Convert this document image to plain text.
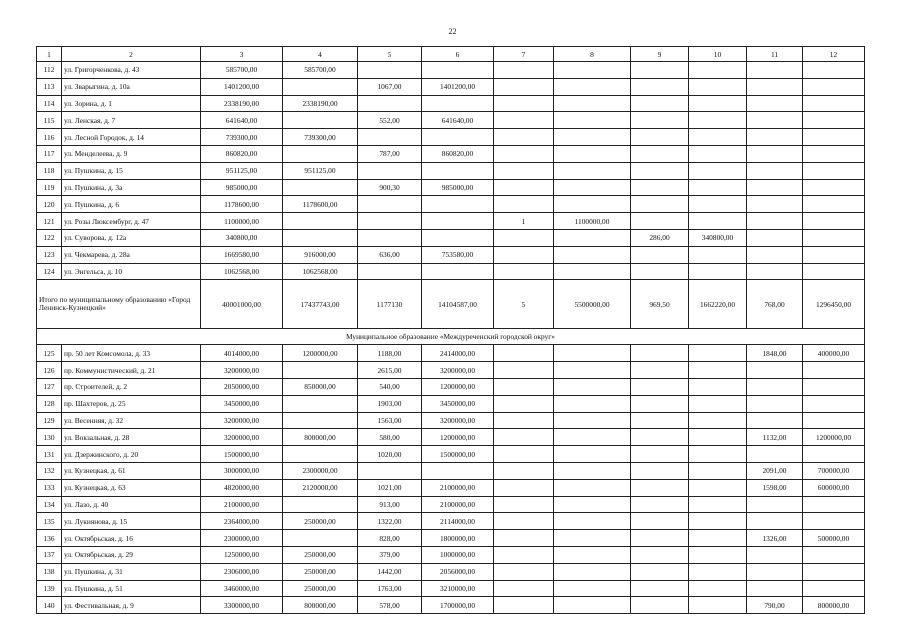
22
1	2	3	4	5	6	7	8	9	10	11	12
112	ул. Григорченкова, д. 43	585700,00	585700,00								
113	ул. Зварыгина, д. 10а	1401200,00		1067,00	1401200,00						
114	ул. Зорина, д. 1	2338190,00	2338190,00								
115	ул. Ленская, д. 7	641640,00		552,00	641640,00						
116	ул. Лесной Городок, д. 14	739300,00	739300,00								
117	ул. Менделеева, д. 9	860820,00		787,00	860820,00						
118	ул. Пушкина, д. 15	951125,00	951125,00								
119	ул. Пушкина, д. 3а	985000,00		900,30	985000,00						
120	ул. Пушкина, д. 6	1178600,00	1178600,00								
121	ул. Розы Люксембург, д. 47	1100000,00				1	1100000,00				
122	ул. Суворова, д. 12а	340800,00						286,00	340800,00		
123	ул. Чекмарева, д. 28а	1669580,00	916000,00	636,00	753580,00						
124	ул. Энгельса, д. 10	1062568,00	1062568,00								
Итого по муниципальному образованию «Город Ленинск-Кузнецкий»		40001000,00	17437743,00	1177130	14104587,00	5	5500000,00	969,50	1662220,00	768,00	1296450,00
Муниципальное образование «Междуреченский городской округ»											
125	пр. 50 лет Комсомола, д. 33	4014000,00	1200000,00	1188,00	2414000,00					1848,00	400000,00
126	пр. Коммунистический, д. 21	3200000,00		2615,00	3200000,00						
127	пр. Строителей, д. 2	2050000,00	850000,00	540,00	1200000,00						
128	пр. Шахтеров, д. 25	3450000,00		1903,00	3450000,00						
129	ул. Весенняя, д. 32	3200000,00		1563,00	3200000,00						
130	ул. Вокзальная, д. 28	3200000,00	800000,00	580,00	1200000,00					1132,00	1200000,00
131	ул. Дзержинского, д. 20	1500000,00		1020,00	1500000,00						
132	ул. Кузнецкая, д. 61	3000000,00	2300000,00							2091,00	700000,00
133	ул. Кузнецкая, д. 63	4820000,00	2120000,00	1021,00	2100000,00					1598,00	600000,00
134	ул. Лазо, д. 40	2100000,00		913,00	2100000,00						
135	ул. Лукиянова, д. 15	2364000,00	250000,00	1322,00	2114000,00						
136	ул. Октябрьская, д. 16	2300000,00		828,00	1800000,00					1326,00	500000,00
137	ул. Октябрьская, д. 29	1250000,00	250000,00	379,00	1000000,00						
138	ул. Пушкина, д. 31	2306000,00	250000,00	1442,00	2056000,00						
139	ул. Пушкина, д. 51	3460000,00	250000,00	1763,00	3210000,00						
140	ул. Фестивальная, д. 9	3300000,00	800000,00	578,00	1700000,00					790,00	800000,00
